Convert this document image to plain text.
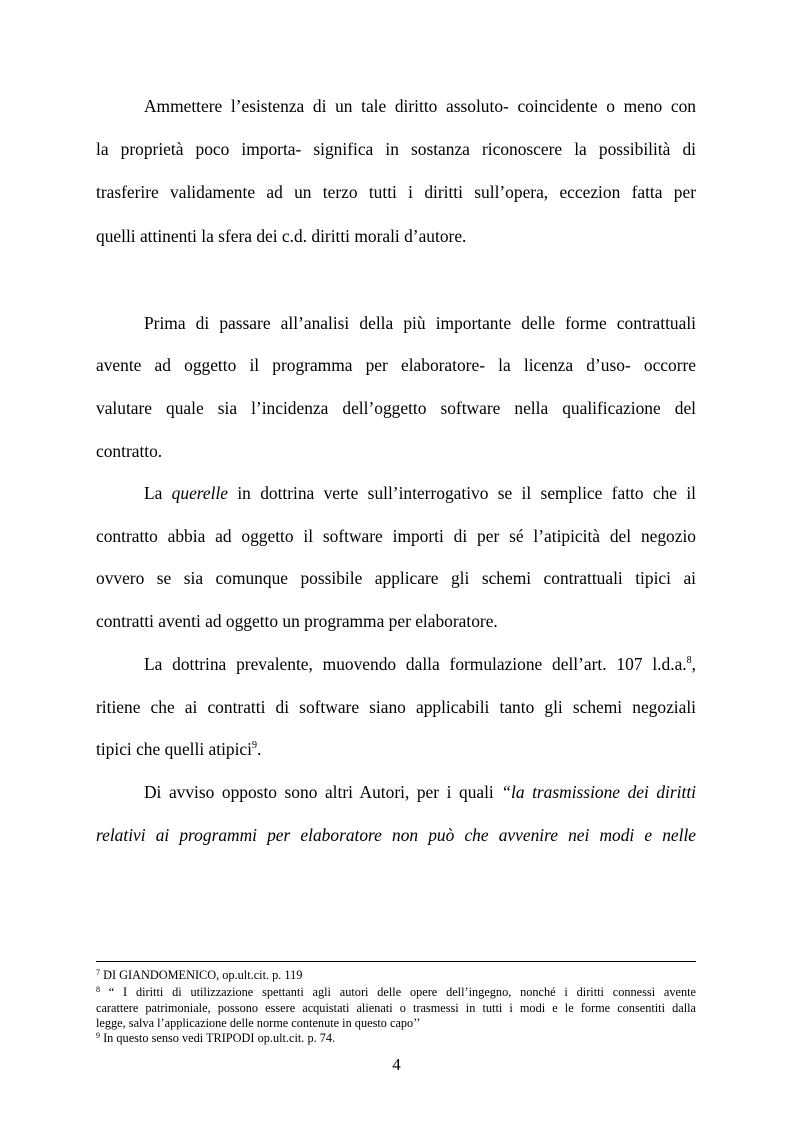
Ammettere l’esistenza di un tale diritto assoluto- coincidente o meno con
la proprietà poco importa- significa in sostanza riconoscere la possibilità di
trasferire validamente ad un terzo tutti i diritti sull’opera, eccezion fatta per
quelli attinenti la sfera dei c.d. diritti morali d’autore.
Prima di passare all’analisi della più importante delle forme contrattuali
avente ad oggetto il programma per elaboratore- la licenza d’uso- occorre
valutare quale sia l’incidenza dell’oggetto software nella qualificazione del
contratto.
La querelle in dottrina verte sull’interrogativo se il semplice fatto che il
contratto abbia ad oggetto il software importi di per sé l’atipicità del negozio
ovvero se sia comunque possibile applicare gli schemi contrattuali tipici ai
contratti aventi ad oggetto un programma per elaboratore.
La dottrina prevalente, muovendo dalla formulazione dell’art. 107 l.d.a.$^8$,
ritiene che ai contratti di software siano applicabili tanto gli schemi negoziali
tipici che quelli atipici$^9$.
Di avviso opposto sono altri Autori, per i quali “la trasmissione dei diritti
relativi ai programmi per elaboratore non può che avvenire nei modi e nelle
$^7$ DI GIANDOMENICO, op.ult.cit. p. 119
$^8$ “ I diritti di utilizzazione spettanti agli autori delle opere dell’ingegno, nonché i diritti connessi avente
carattere patrimoniale, possono essere acquistati alienati o trasmessi in tutti i modi e le forme consentiti dalla
legge, salva l’applicazione delle norme contenute in questo capo’’
$^9$ In questo senso vedi TRIPODI op.ult.cit. p. 74.
4
